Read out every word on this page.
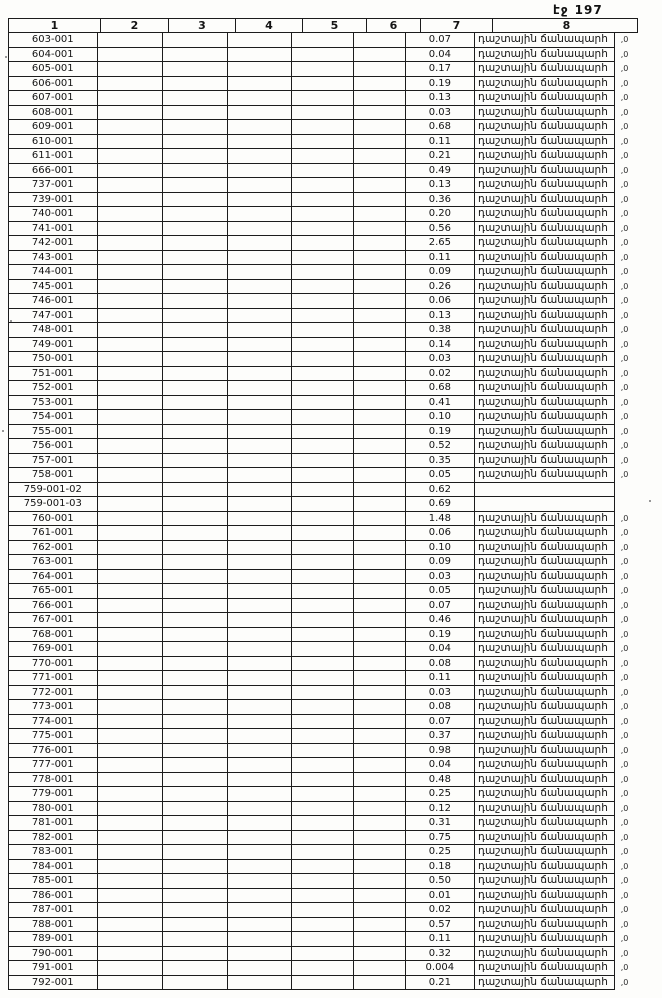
էջ 197
1	2	3	4	5	6	7	8
603-001	0.07	դաշտային ճանապարհ	,0
604-001	0.04	դաշտային ճանապարհ	,0
605-001	0.17	դաշտային ճանապարհ	,0
606-001	0.19	դաշտային ճանապարհ	,0
607-001	0.13	դաշտային ճանապարհ	,0
608-001	0.03	դաշտային ճանապարհ	,0
609-001	0.68	դաշտային ճանապարհ	,0
610-001	0.11	դաշտային ճանապարհ	,0
611-001	0.21	դաշտային ճանապարհ	,0
666-001	0.49	դաշտային ճանապարհ	,0
737-001	0.13	դաշտային ճանապարհ	,0
739-001	0.36	դաշտային ճանապարհ	,0
740-001	0.20	դաշտային ճանապարհ	,0
741-001	0.56	դաշտային ճանապարհ	,0
742-001	2.65	դաշտային ճանապարհ	,0
743-001	0.11	դաշտային ճանապարհ	,0
744-001	0.09	դաշտային ճանապարհ	,0
745-001	0.26	դաշտային ճանապարհ	,0
746-001	0.06	դաշտային ճանապարհ	,0
747-001	0.13	դաշտային ճանապարհ	,0
748-001	0.38	դաշտային ճանապարհ	,0
749-001	0.14	դաշտային ճանապարհ	,0
750-001	0.03	դաշտային ճանապարհ	,0
751-001	0.02	դաշտային ճանապարհ	,0
752-001	0.68	դաշտային ճանապարհ	,0
753-001	0.41	դաշտային ճանապարհ	,0
754-001	0.10	դաշտային ճանապարհ	,0
755-001	0.19	դաշտային ճանապարհ	,0
756-001	0.52	դաշտային ճանապարհ	,0
757-001	0.35	դաշտային ճանապարհ	,0
758-001	0.05	դաշտային ճանապարհ	,0
759-001-02	0.62
759-001-03	0.69
760-001	1.48	դաշտային ճանապարհ	,0
761-001	0.06	դաշտային ճանապարհ	,0
762-001	0.10	դաշտային ճանապարհ	,0
763-001	0.09	դաշտային ճանապարհ	,0
764-001	0.03	դաշտային ճանապարհ	,0
765-001	0.05	դաշտային ճանապարհ	,0
766-001	0.07	դաշտային ճանապարհ	,0
767-001	0.46	դաշտային ճանապարհ	,0
768-001	0.19	դաշտային ճանապարհ	,0
769-001	0.04	դաշտային ճանապարհ	,0
770-001	0.08	դաշտային ճանապարհ	,0
771-001	0.11	դաշտային ճանապարհ	,0
772-001	0.03	դաշտային ճանապարհ	,0
773-001	0.08	դաշտային ճանապարհ	,0
774-001	0.07	դաշտային ճանապարհ	,0
775-001	0.37	դաշտային ճանապարհ	,0
776-001	0.98	դաշտային ճանապարհ	,0
777-001	0.04	դաշտային ճանապարհ	,0
778-001	0.48	դաշտային ճանապարհ	,0
779-001	0.25	դաշտային ճանապարհ	,0
780-001	0.12	դաշտային ճանապարհ	,0
781-001	0.31	դաշտային ճանապարհ	,0
782-001	0.75	դաշտային ճանապարհ	,0
783-001	0.25	դաշտային ճանապարհ	,0
784-001	0.18	դաշտային ճանապարհ	,0
785-001	0.50	դաշտային ճանապարհ	,0
786-001	0.01	դաշտային ճանապարհ	,0
787-001	0.02	դաշտային ճանապարհ	,0
788-001	0.57	դաշտային ճանապարհ	,0
789-001	0.11	դաշտային ճանապարհ	,0
790-001	0.32	դաշտային ճանապարհ	,0
791-001	0.004	դաշտային ճանապարհ	,0
792-001	0.21	դաշտային ճանապարհ	,0
